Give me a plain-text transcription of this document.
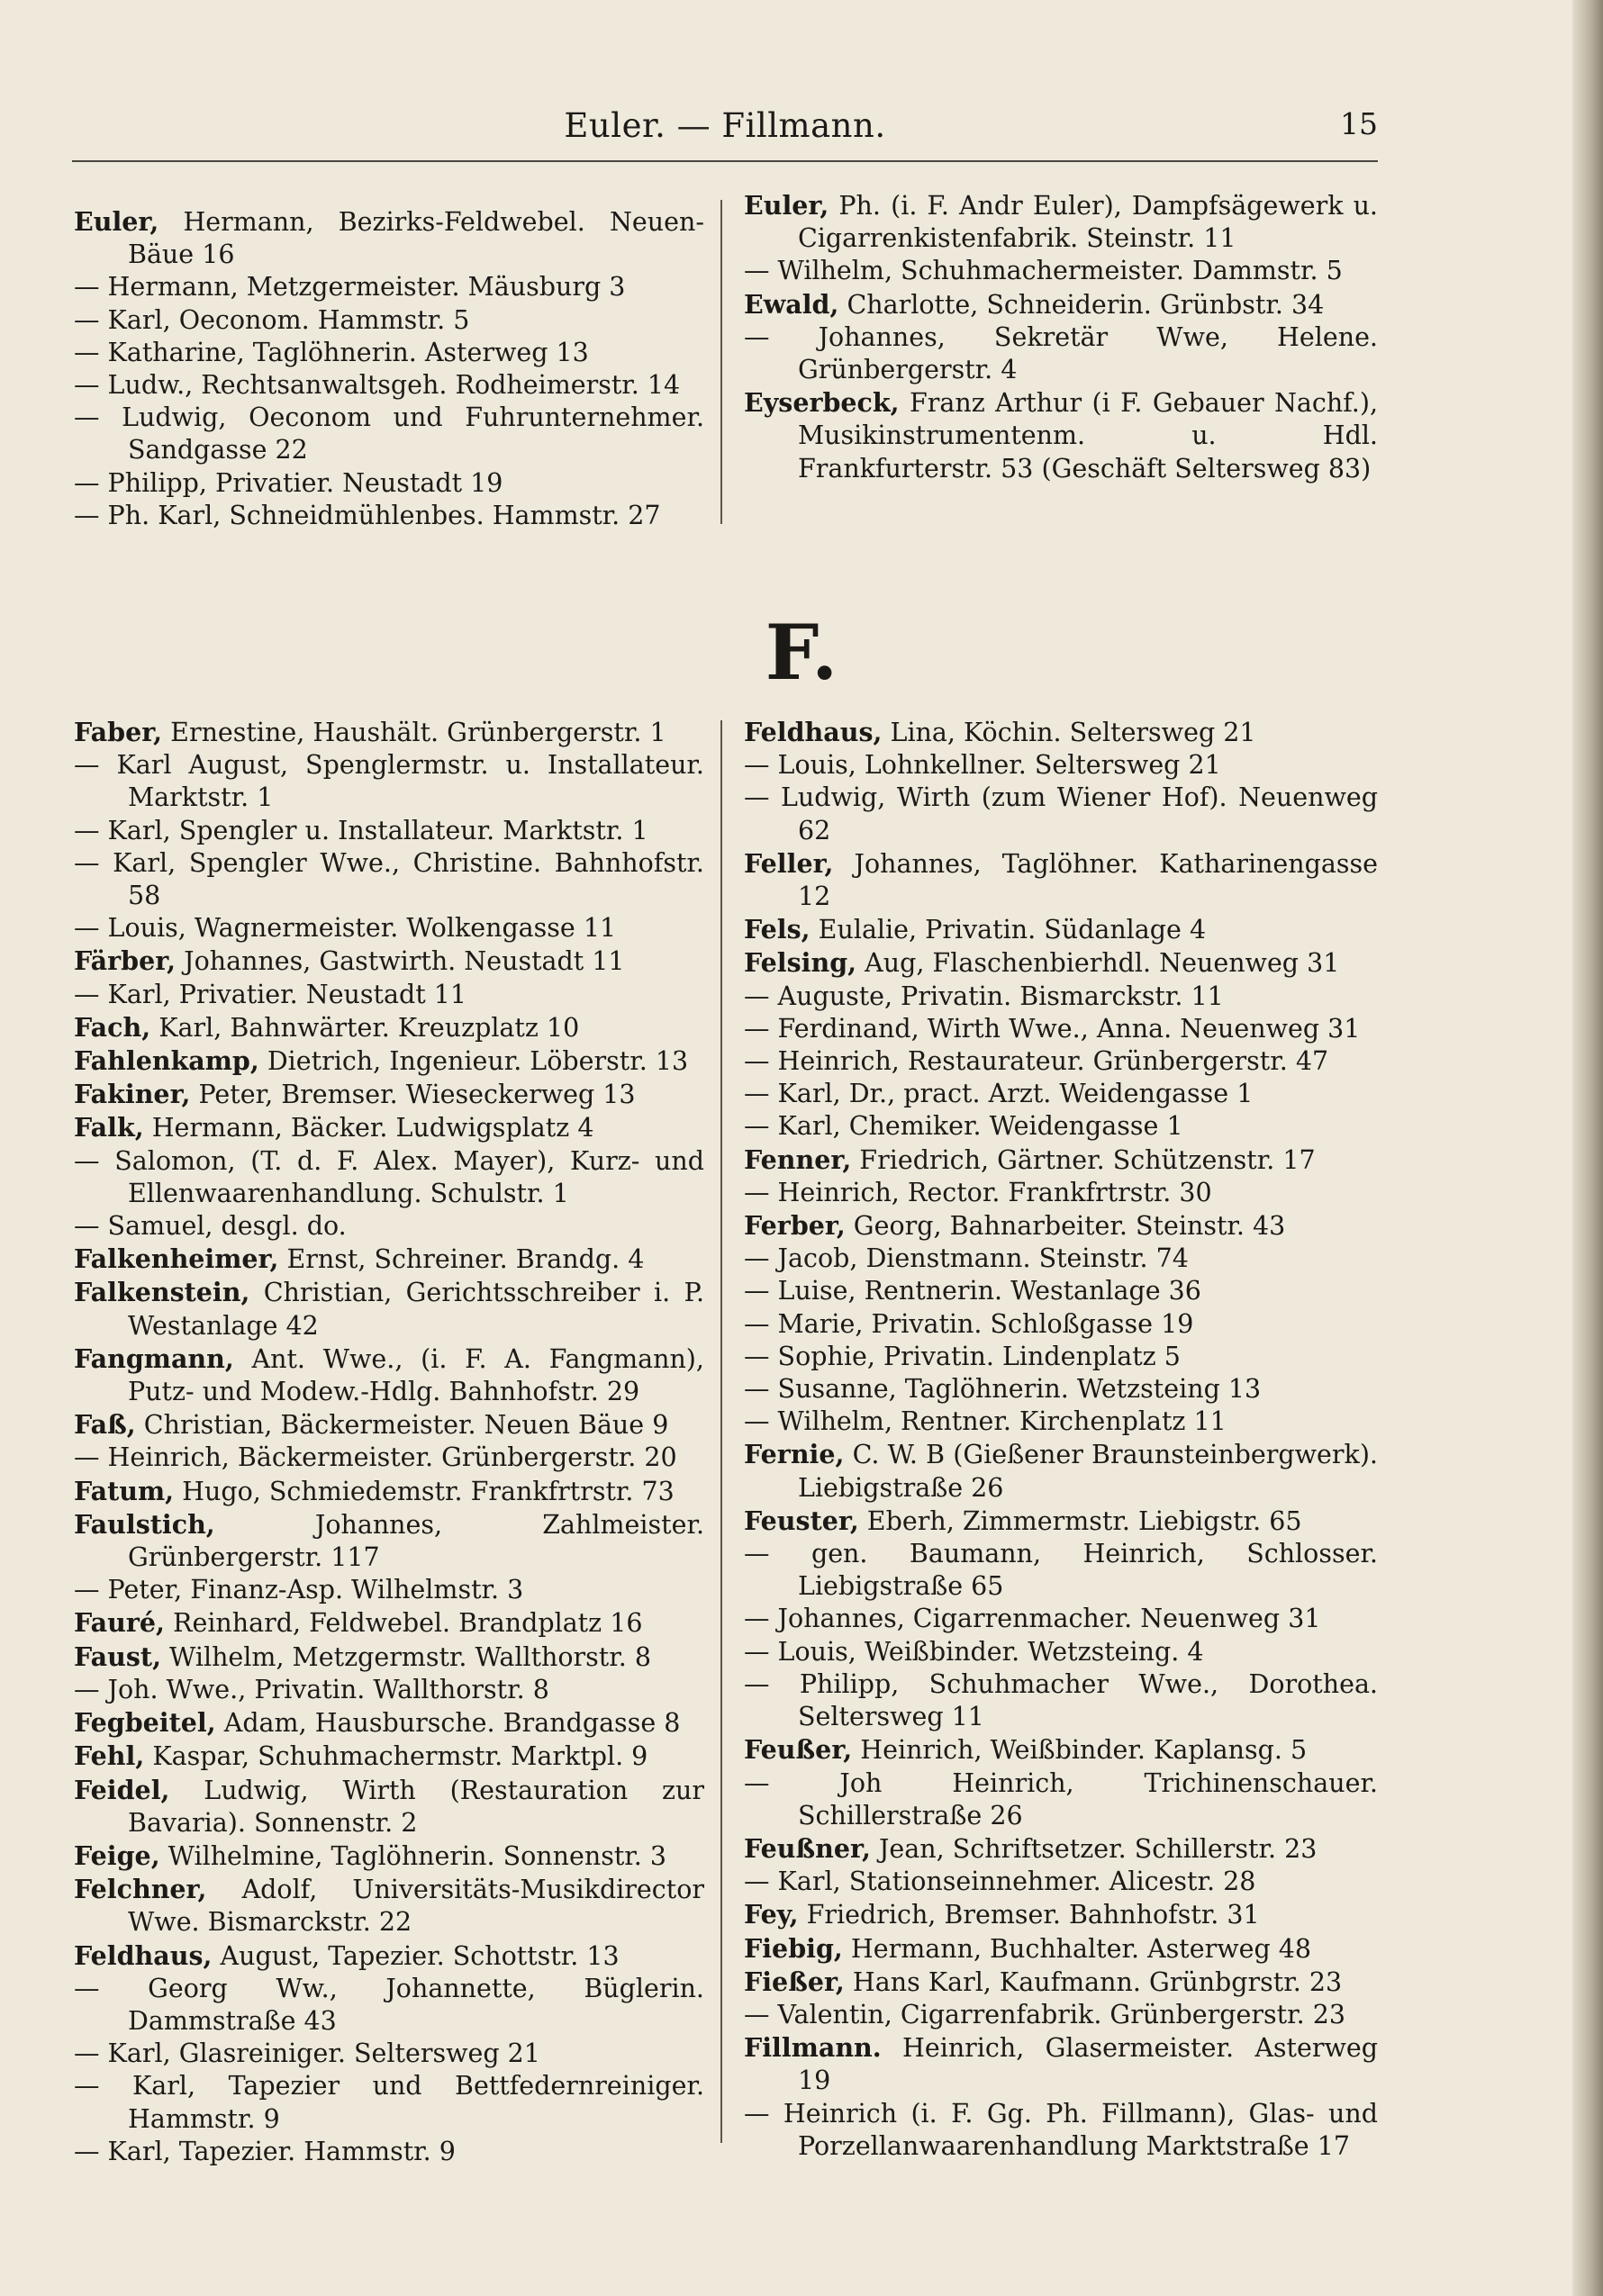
Euler. — Fillmann.	15

Euler, Hermann, Bezirks-Feldwebel. Neuen-Bäue 16

— Hermann, Metzgermeister. Mäusburg 3

— Karl, Oeconom. Hammstr. 5

— Katharine, Taglöhnerin. Asterweg 13

— Ludw., Rechtsanwaltsgeh. Rodheimerstr. 14

— Ludwig, Oeconom und Fuhrunternehmer. Sandgasse 22

— Philipp, Privatier. Neustadt 19

— Ph. Karl, Schneidmühlenbes. Hammstr. 27

Euler, Ph. (i. F. Andr Euler), Dampfsägewerk u. Cigarrenkistenfabrik. Steinstr. 11

— Wilhelm, Schuhmachermeister. Dammstr. 5

Ewald, Charlotte, Schneiderin. Grünbstr. 34

— Johannes, Sekretär Wwe, Helene. Grünbergerstr. 4

Eyserbeck, Franz Arthur (i F. Gebauer Nachf.), Musikinstrumentenm. u. Hdl. Frankfurterstr. 53 (Geschäft Seltersweg 83)

F.

Faber, Ernestine, Haushält. Grünbergerstr. 1

— Karl August, Spenglermstr. u. Installateur. Marktstr. 1

— Karl, Spengler u. Installateur. Marktstr. 1

— Karl, Spengler Wwe., Christine. Bahnhofstr. 58

— Louis, Wagnermeister. Wolkengasse 11

Färber, Johannes, Gastwirth. Neustadt 11

— Karl, Privatier. Neustadt 11

Fach, Karl, Bahnwärter. Kreuzplatz 10

Fahlenkamp, Dietrich, Ingenieur. Löberstr. 13

Fakiner, Peter, Bremser. Wieseckerweg 13

Falk, Hermann, Bäcker. Ludwigsplatz 4

— Salomon, (T. d. F. Alex. Mayer), Kurz- und Ellenwaarenhandlung. Schulstr. 1

— Samuel, desgl. do.

Falkenheimer, Ernst, Schreiner. Brandg. 4

Falkenstein, Christian, Gerichtsschreiber i. P. Westanlage 42

Fangmann, Ant. Wwe., (i. F. A. Fangmann), Putz- und Modew.-Hdlg. Bahnhofstr. 29

Faß, Christian, Bäckermeister. Neuen Bäue 9

— Heinrich, Bäckermeister. Grünbergerstr. 20

Fatum, Hugo, Schmiedemstr. Frankfrtrstr. 73

Faulstich, Johannes, Zahlmeister. Grünbergerstr. 117

— Peter, Finanz-Asp. Wilhelmstr. 3

Fauré, Reinhard, Feldwebel. Brandplatz 16

Faust, Wilhelm, Metzgermstr. Wallthorstr. 8

— Joh. Wwe., Privatin. Wallthorstr. 8

Fegbeitel, Adam, Hausbursche. Brandgasse 8

Fehl, Kaspar, Schuhmachermstr. Marktpl. 9

Feidel, Ludwig, Wirth (Restauration zur Bavaria). Sonnenstr. 2

Feige, Wilhelmine, Taglöhnerin. Sonnenstr. 3

Felchner, Adolf, Universitäts-Musikdirector Wwe. Bismarckstr. 22

Feldhaus, August, Tapezier. Schottstr. 13

— Georg Ww., Johannette, Büglerin. Dammstraße 43

— Karl, Glasreiniger. Seltersweg 21

— Karl, Tapezier und Bettfedernreiniger. Hammstr. 9

— Karl, Tapezier. Hammstr. 9

Feldhaus, Lina, Köchin. Seltersweg 21

— Louis, Lohnkellner. Seltersweg 21

— Ludwig, Wirth (zum Wiener Hof). Neuenweg 62

Feller, Johannes, Taglöhner. Katharinengasse 12

Fels, Eulalie, Privatin. Südanlage 4

Felsing, Aug, Flaschenbierhdl. Neuenweg 31

— Auguste, Privatin. Bismarckstr. 11

— Ferdinand, Wirth Wwe., Anna. Neuenweg 31

— Heinrich, Restaurateur. Grünbergerstr. 47

— Karl, Dr., pract. Arzt. Weidengasse 1

— Karl, Chemiker. Weidengasse 1

Fenner, Friedrich, Gärtner. Schützenstr. 17

— Heinrich, Rector. Frankfrtrstr. 30

Ferber, Georg, Bahnarbeiter. Steinstr. 43

— Jacob, Dienstmann. Steinstr. 74

— Luise, Rentnerin. Westanlage 36

— Marie, Privatin. Schloßgasse 19

— Sophie, Privatin. Lindenplatz 5

— Susanne, Taglöhnerin. Wetzsteing 13

— Wilhelm, Rentner. Kirchenplatz 11

Fernie, C. W. B (Gießener Braunsteinbergwerk). Liebigstraße 26

Feuster, Eberh, Zimmermstr. Liebigstr. 65

— gen. Baumann, Heinrich, Schlosser. Liebigstraße 65

— Johannes, Cigarrenmacher. Neuenweg 31

— Louis, Weißbinder. Wetzsteing. 4

— Philipp, Schuhmacher Wwe., Dorothea. Seltersweg 11

Feußer, Heinrich, Weißbinder. Kaplansg. 5

— Joh Heinrich, Trichinenschauer. Schillerstraße 26

Feußner, Jean, Schriftsetzer. Schillerstr. 23

— Karl, Stationseinnehmer. Alicestr. 28

Fey, Friedrich, Bremser. Bahnhofstr. 31

Fiebig, Hermann, Buchhalter. Asterweg 48

Fießer, Hans Karl, Kaufmann. Grünbgrstr. 23

— Valentin, Cigarrenfabrik. Grünbergerstr. 23

Fillmann. Heinrich, Glasermeister. Asterweg 19

— Heinrich (i. F. Gg. Ph. Fillmann), Glas- und Porzellanwaarenhandlung Marktstraße 17
